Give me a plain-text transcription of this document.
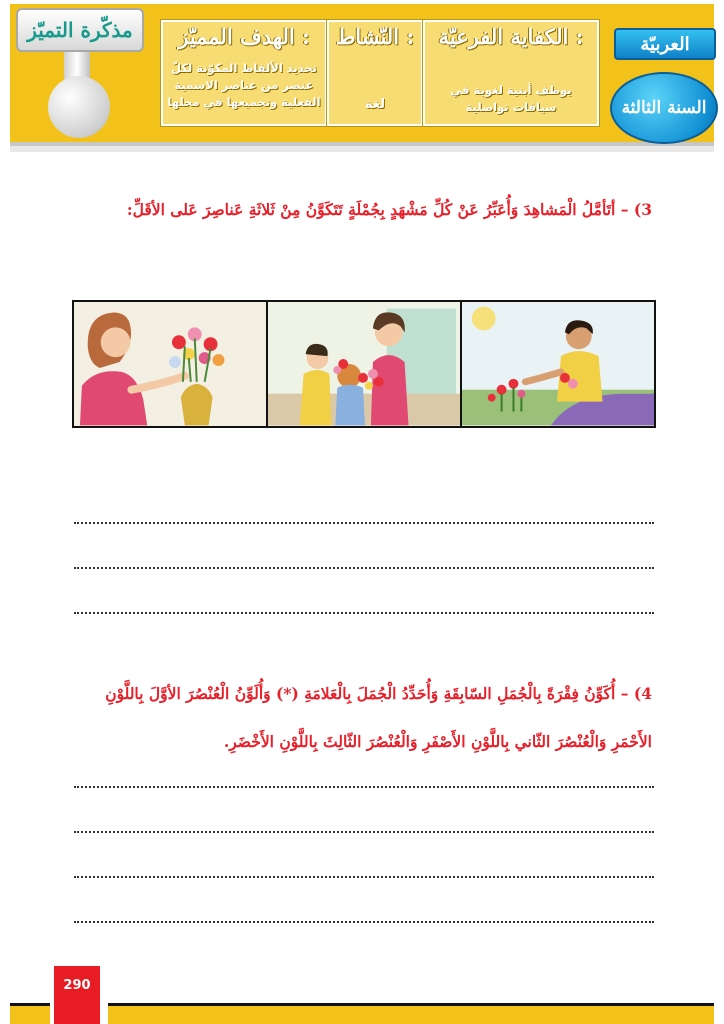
مذكّرة التميّز	الهدف المميّز :
تحديد الألفاظ المكوّنة لكلّ عنصر من عناصر الاسمية الفعلية وتجميعها في محلها
النّشاط :
لغة
الكفاية الفرعيّة :
يوظف أبنية لغوية في سياقات تواصلية
العربيّة
السنة الثالثة
3) – أتَأمَّلُ الْمَشاهِدَ وَأُعَبِّرُ عَنْ كُلِّ مَشْهَدٍ بِجُمْلَةٍ تَتَكَوَّنُ مِنْ ثَلاثَةِ عَناصِرَ عَلى الأقَلِّ:
4) – أُكَوِّنُ فِقْرَةً بِالْجُمَلِ السّابِقَةِ وَأُحَدِّدُ الْجُمَلَ بِالْعَلامَةِ (*) وَأُلَوِّنُ الْعُنْصُرَ الأوَّلَ بِاللَّوْنِ
الأَحْمَرِ وَالْعُنْصُرَ الثّاني بِاللَّوْنِ الأَصْفَرِ وَالْعُنْصُرَ الثّالِثَ بِاللَّوْنِ الأَخْضَرِ.
290
